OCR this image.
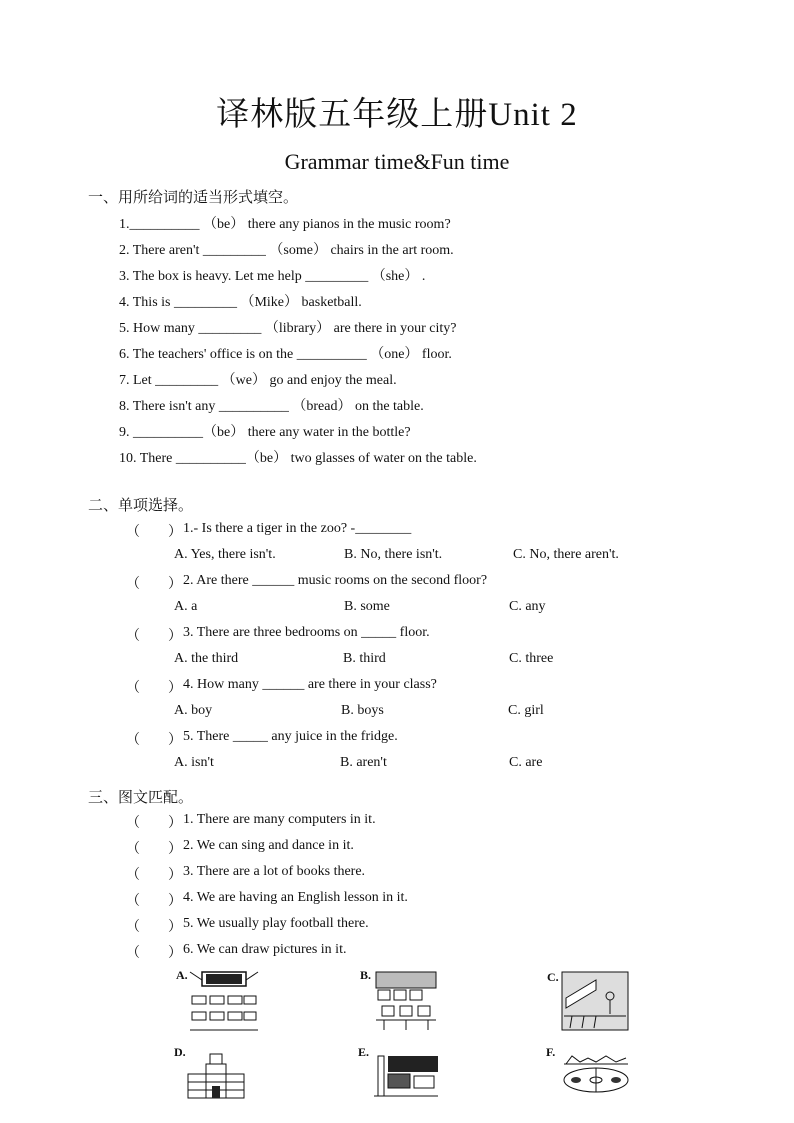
译林版五年级上册Unit 2
Grammar time&Fun time
一、用所给词的适当形式填空。
1.__________ （be） there any pianos in the music room?
2. There aren't _________ （some） chairs in the art room.
3. The box is heavy. Let me help _________ （she） .
4. This is _________ （Mike） basketball.
5. How many _________ （library） are there in your city?
6. The teachers' office is on the __________ （one） floor.
7. Let _________ （we） go and enjoy the meal.
8. There isn't any __________ （bread） on the table.
9. __________（be） there any water in the bottle?
10. There __________（be） two glasses of water on the table.
二、单项选择。
（　　） 1.- Is there a tiger in the zoo? -________
A. Yes, there isn't.	B. No, there isn't.	C. No, there aren't.
（　　） 2. Are there ______ music rooms on the second floor?
A. a	B. some	C. any
（　　） 3. There are three bedrooms on _____ floor.
A. the third	B. third	C. three
（　　） 4. How many ______ are there in your class?
A. boy	B. boys	C. girl
（　　） 5. There _____ any juice in the fridge.
A. isn't	B. aren't	C. are
三、图文匹配。
（　　） 1. There are many computers in it.
（　　） 2. We can sing and dance in it.
（　　） 3. There are a lot of books there.
（　　） 4. We are having an English lesson in it.
（　　） 5. We usually play football there.
（　　） 6. We can draw pictures in it.
A.	B.	C.
D.	E.	F.
